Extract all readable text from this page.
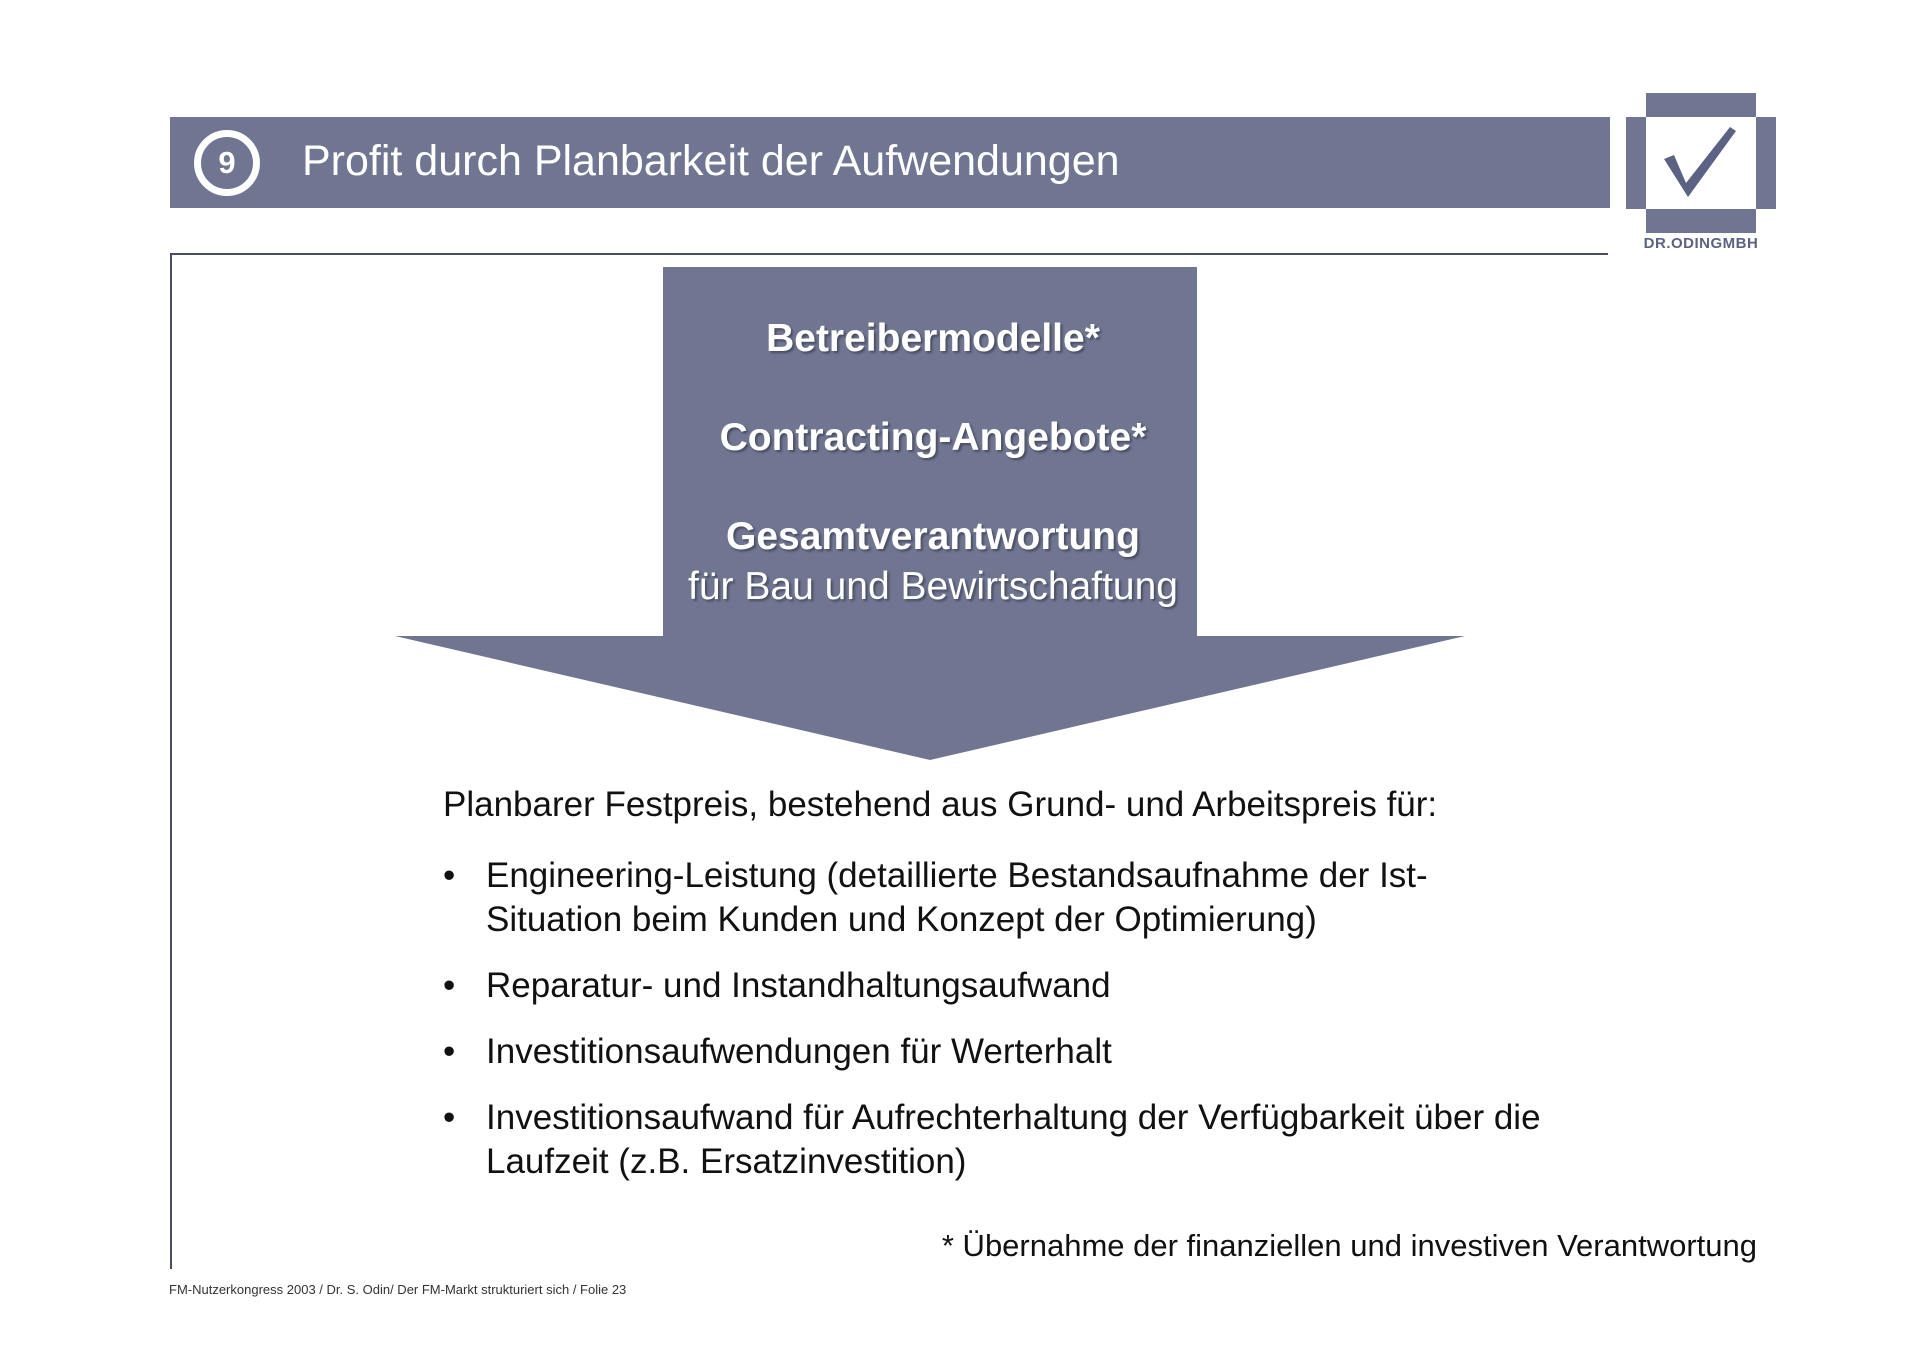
9	Profit durch Planbarkeit der Aufwendungen
DR.ODINGMBH
Betreibermodelle*
Contracting-Angebote*
Gesamtverantwortung
für Bau und Bewirtschaftung
Planbarer Festpreis, bestehend aus Grund- und Arbeitspreis für:
• Engineering-Leistung (detaillierte Bestandsaufnahme der Ist-Situation beim Kunden und Konzept der Optimierung)
• Reparatur- und Instandhaltungsaufwand
• Investitionsaufwendungen für Werterhalt
• Investitionsaufwand für Aufrechterhaltung der Verfügbarkeit über die Laufzeit (z.B. Ersatzinvestition)
* Übernahme der finanziellen und investiven Verantwortung
FM-Nutzerkongress 2003 / Dr. S. Odin/ Der FM-Markt strukturiert sich / Folie 23
